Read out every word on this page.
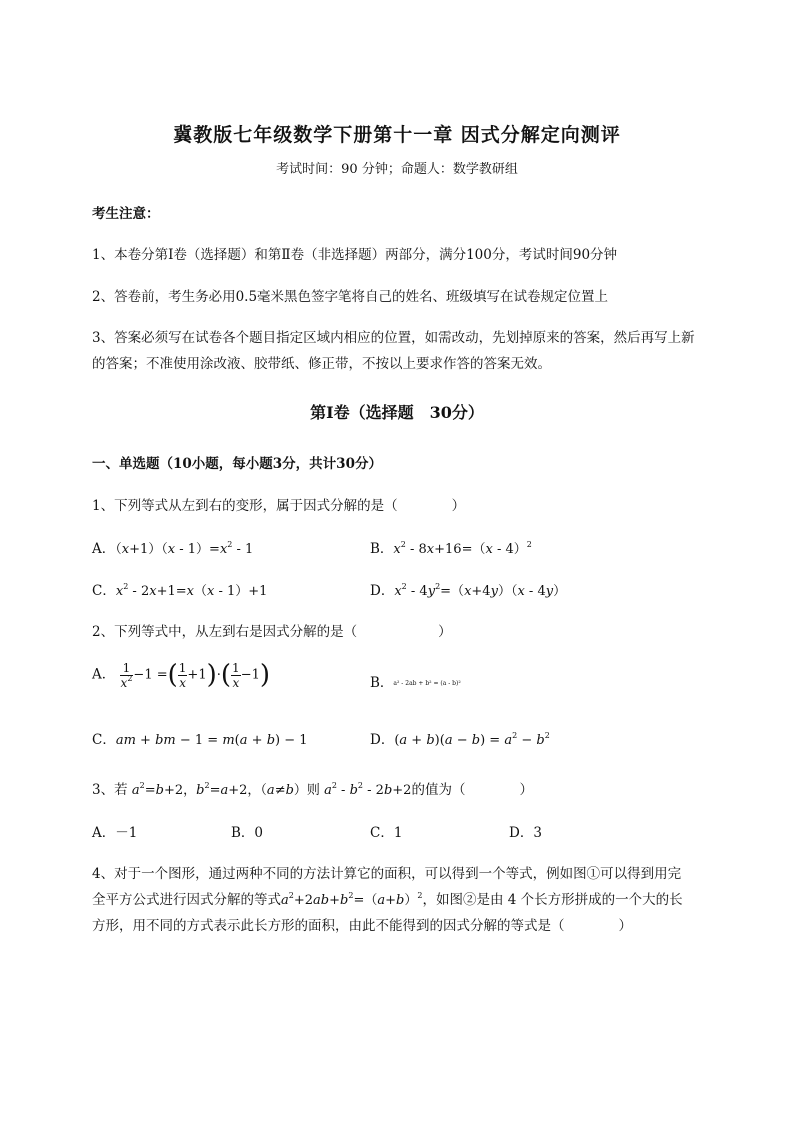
冀教版七年级数学下册第十一章 因式分解定向测评
考试时间：90 分钟；命题人：数学教研组
考生注意：
1、本卷分第I卷（选择题）和第Ⅱ卷（非选择题）两部分，满分100分，考试时间90分钟
2、答卷前，考生务必用0.5毫米黑色签字笔将自己的姓名、班级填写在试卷规定位置上
3、答案必须写在试卷各个题目指定区域内相应的位置，如需改动，先划掉原来的答案，然后再写上新
的答案；不准使用涂改液、胶带纸、修正带，不按以上要求作答的答案无效。
第I卷（选择题　30分）
一、单选题（10小题，每小题3分，共计30分）
1、下列等式从左到右的变形，属于因式分解的是（　　　　）
A．$(x+1)(x - 1)=x^2 - 1$	B．$x^2 - 8x+16=(x - 4)^2$
C．$x^2 - 2x+1=x(x - 1)+1$	D．$x^2 - 4y^2=(x+4y)(x - 4y)$
2、下列等式中，从左到右是因式分解的是（　　　　　　）
A． $\frac{1}{x^2} -1$ =( $\frac{1}{x} +1)\cdot( \frac{1}{x} -1)$	B．a² - 2ab + b² = (a - b)²
C．am + bm − 1 = m(a + b) − 1	D．$(a + b)(a - b) = a^2 - b^2$
3、若 $a^2=b+2$，$b^2=a+2$，（a≠b）则 $a^2 - b^2 - 2b+2$的值为（　　　　）
A．－1	B．0	C．1	D．3
4、对于一个图形，通过两种不同的方法计算它的面积，可以得到一个等式，例如图①可以得到用完
全平方公式进行因式分解的等式$a^2+2ab+b^2=(a+b)^2$，如图②是由 4 个长方形拼成的一个大的长
方形，用不同的方式表示此长方形的面积，由此不能得到的因式分解的等式是（　　　　）
